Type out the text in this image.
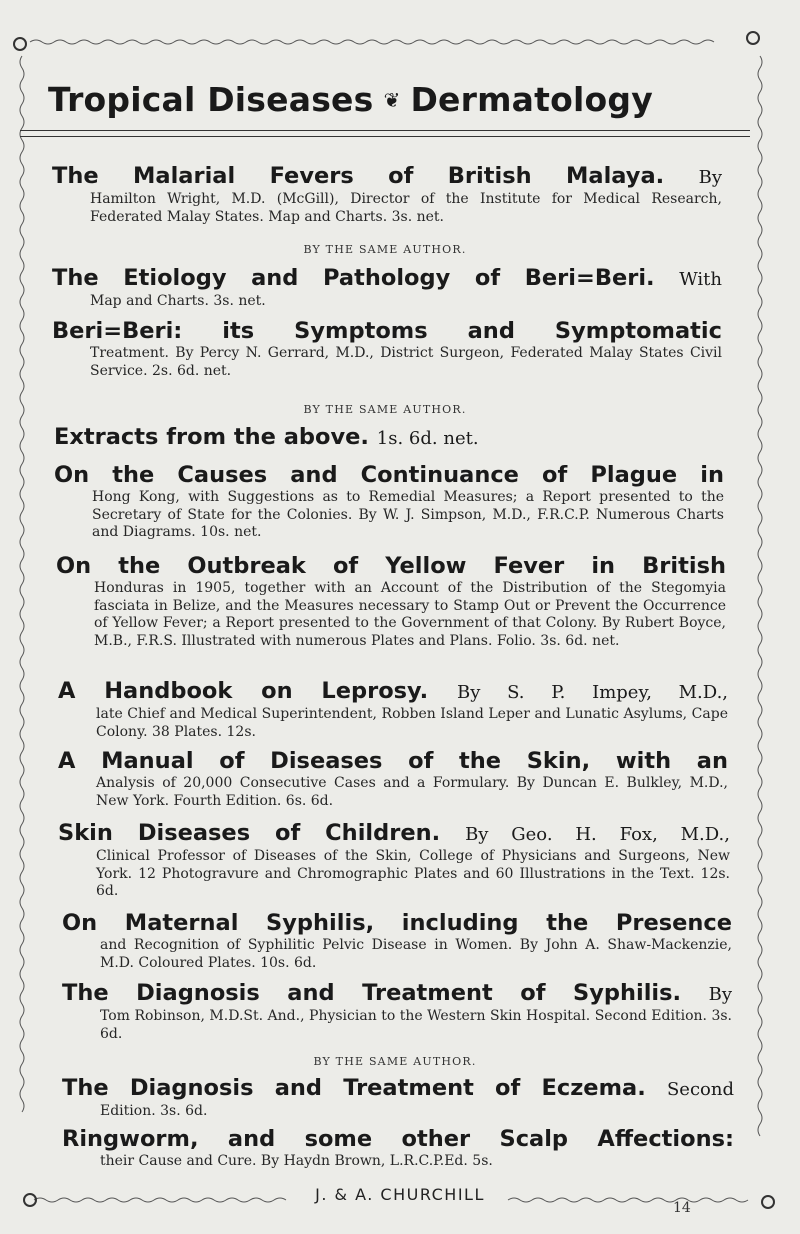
Tropical Diseases ❦ Dermatology
The Malarial Fevers of British Malaya. By
Hamilton Wright, M.D. (McGill), Director of the Institute for Medical Research, Federated Malay States. Map and Charts. 3s. net.
BY THE SAME AUTHOR.
The Etiology and Pathology of Beri=Beri. With
Map and Charts. 3s. net.
Beri=Beri: its Symptoms and Symptomatic
Treatment. By Percy N. Gerrard, M.D., District Surgeon, Federated Malay States Civil Service. 2s. 6d. net.
BY THE SAME AUTHOR.
Extracts from the above. 1s. 6d. net.
On the Causes and Continuance of Plague in
Hong Kong, with Suggestions as to Remedial Measures; a Report presented to the Secretary of State for the Colonies. By W. J. Simpson, M.D., F.R.C.P. Numerous Charts and Diagrams. 10s. net.
On the Outbreak of Yellow Fever in British
Honduras in 1905, together with an Account of the Distribution of the Stegomyia fasciata in Belize, and the Measures necessary to Stamp Out or Prevent the Occurrence of Yellow Fever; a Report presented to the Government of that Colony. By Rubert Boyce, M.B., F.R.S. Illustrated with numerous Plates and Plans. Folio. 3s. 6d. net.
A Handbook on Leprosy. By S. P. Impey, M.D.,
late Chief and Medical Superintendent, Robben Island Leper and Lunatic Asylums, Cape Colony. 38 Plates. 12s.
A Manual of Diseases of the Skin, with an
Analysis of 20,000 Consecutive Cases and a Formulary. By Duncan E. Bulkley, M.D., New York. Fourth Edition. 6s. 6d.
Skin Diseases of Children. By Geo. H. Fox, M.D.,
Clinical Professor of Diseases of the Skin, College of Physicians and Surgeons, New York. 12 Photogravure and Chromographic Plates and 60 Illustrations in the Text. 12s. 6d.
On Maternal Syphilis, including the Presence
and Recognition of Syphilitic Pelvic Disease in Women. By John A. Shaw-Mackenzie, M.D. Coloured Plates. 10s. 6d.
The Diagnosis and Treatment of Syphilis. By
Tom Robinson, M.D.St. And., Physician to the Western Skin Hospital. Second Edition. 3s. 6d.
BY THE SAME AUTHOR.
The Diagnosis and Treatment of Eczema. Second
Edition. 3s. 6d.
Ringworm, and some other Scalp Affections:
their Cause and Cure. By Haydn Brown, L.R.C.P.Ed. 5s.
J. & A. CHURCHILL
14
